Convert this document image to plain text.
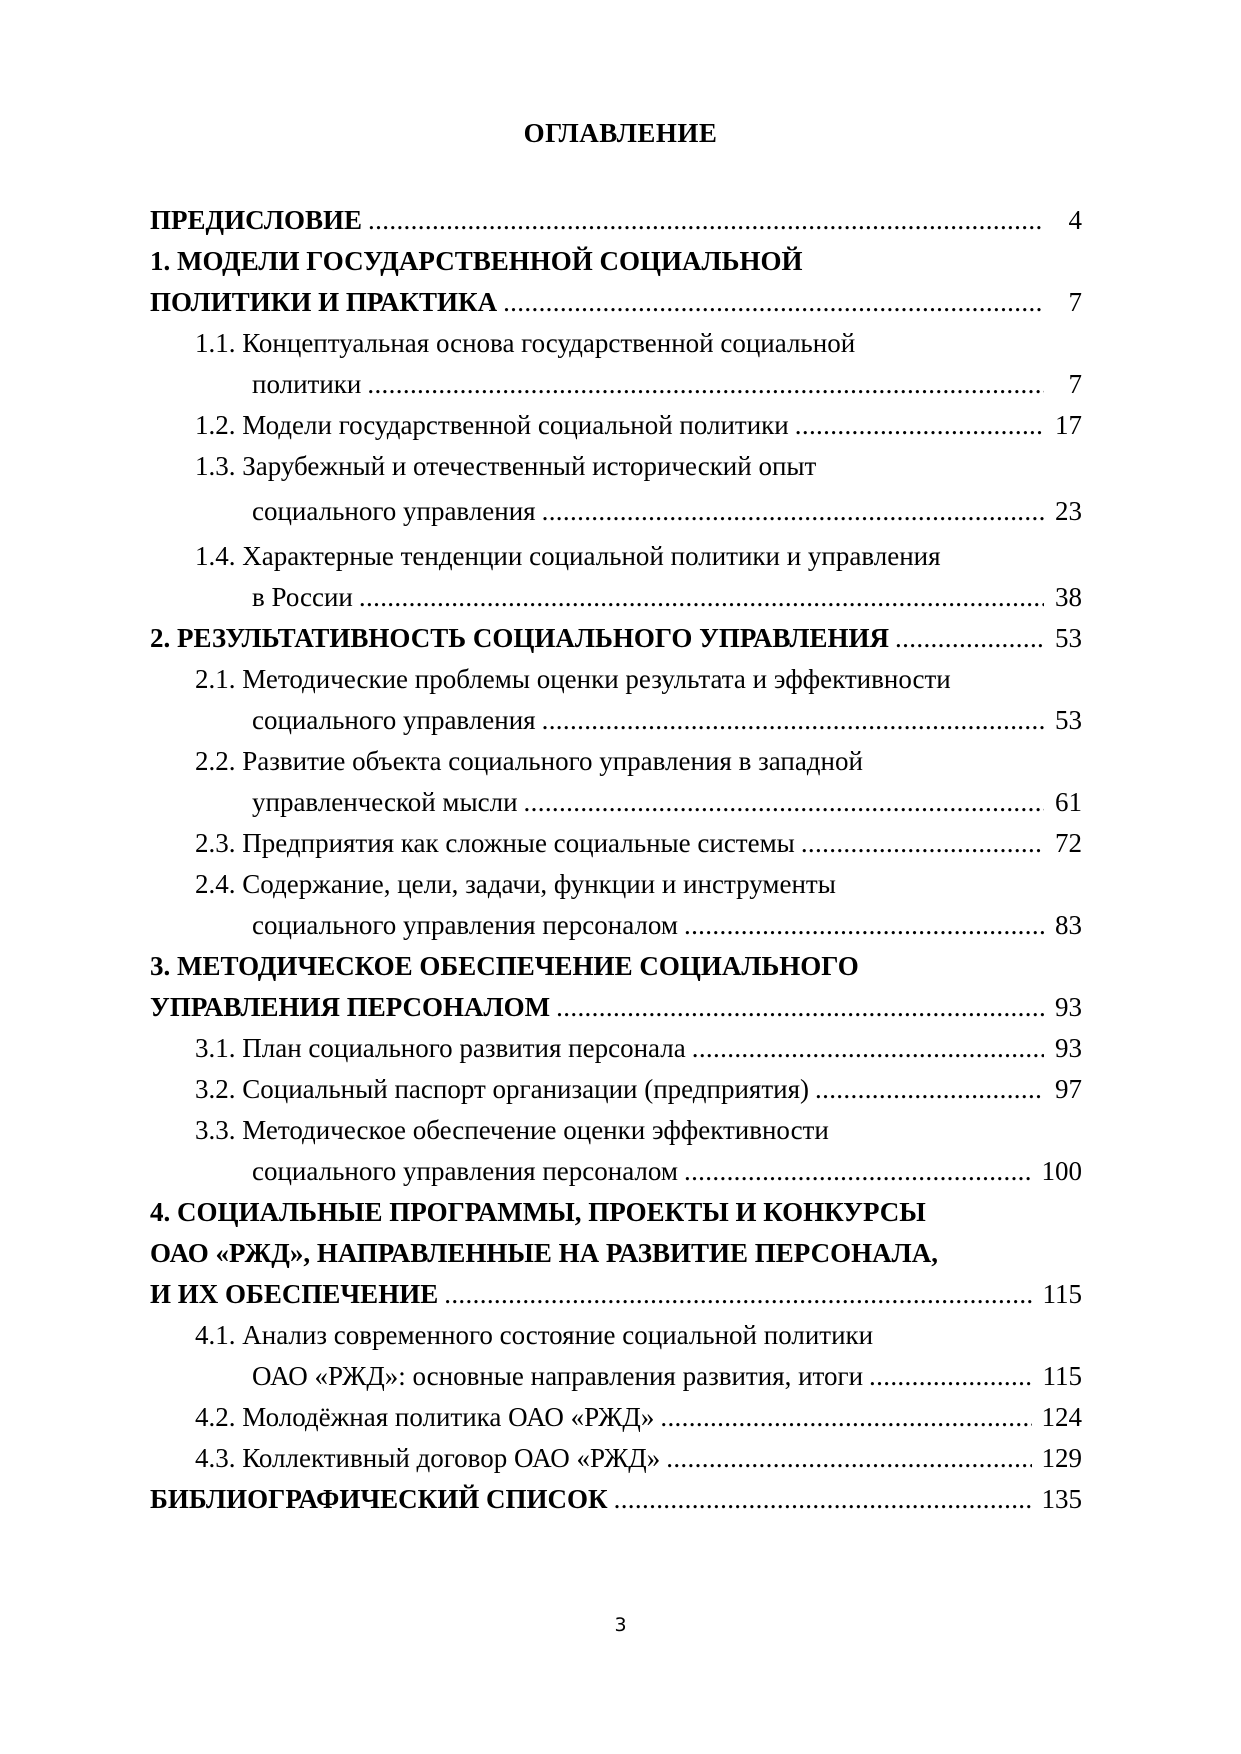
ОГЛАВЛЕНИЕ
ПРЕДИСЛОВИЕ . . .	4
1. МОДЕЛИ ГОСУДАРСТВЕННОЙ СОЦИАЛЬНОЙ
ПОЛИТИКИ И ПРАКТИКА . . .	7
1.1. Концептуальная основа государственной социальной
политики . . .	7
1.2. Модели государственной социальной политики . . .	17
1.3. Зарубежный и отечественный исторический опыт
социального управления . . .	23
1.4. Характерные тенденции социальной политики и управления
в России . . .	38
2. РЕЗУЛЬТАТИВНОСТЬ СОЦИАЛЬНОГО УПРАВЛЕНИЯ . . .	53
2.1. Методические проблемы оценки результата и эффективности
социального управления . . .	53
2.2. Развитие объекта социального управления в западной
управленческой мысли . . .	61
2.3. Предприятия как сложные социальные системы . . .	72
2.4. Содержание, цели, задачи, функции и инструменты
социального управления персоналом . . .	83
3. МЕТОДИЧЕСКОЕ ОБЕСПЕЧЕНИЕ СОЦИАЛЬНОГО
УПРАВЛЕНИЯ ПЕРСОНАЛОМ . . .	93
3.1. План социального развития персонала . . .	93
3.2. Социальный паспорт организации (предприятия) . . .	97
3.3. Методическое обеспечение оценки эффективности
социального управления персоналом . . .	100
4. СОЦИАЛЬНЫЕ ПРОГРАММЫ, ПРОЕКТЫ И КОНКУРСЫ
ОАО «РЖД», НАПРАВЛЕННЫЕ НА РАЗВИТИЕ ПЕРСОНАЛА,
И ИХ ОБЕСПЕЧЕНИЕ . . .	115
4.1. Анализ современного состояние социальной политики
ОАО «РЖД»: основные направления развития, итоги . . .	115
4.2. Молодёжная политика ОАО «РЖД» . . .	124
4.3. Коллективный договор ОАО «РЖД» . . .	129
БИБЛИОГРАФИЧЕСКИЙ СПИСОК . . .	135
3
